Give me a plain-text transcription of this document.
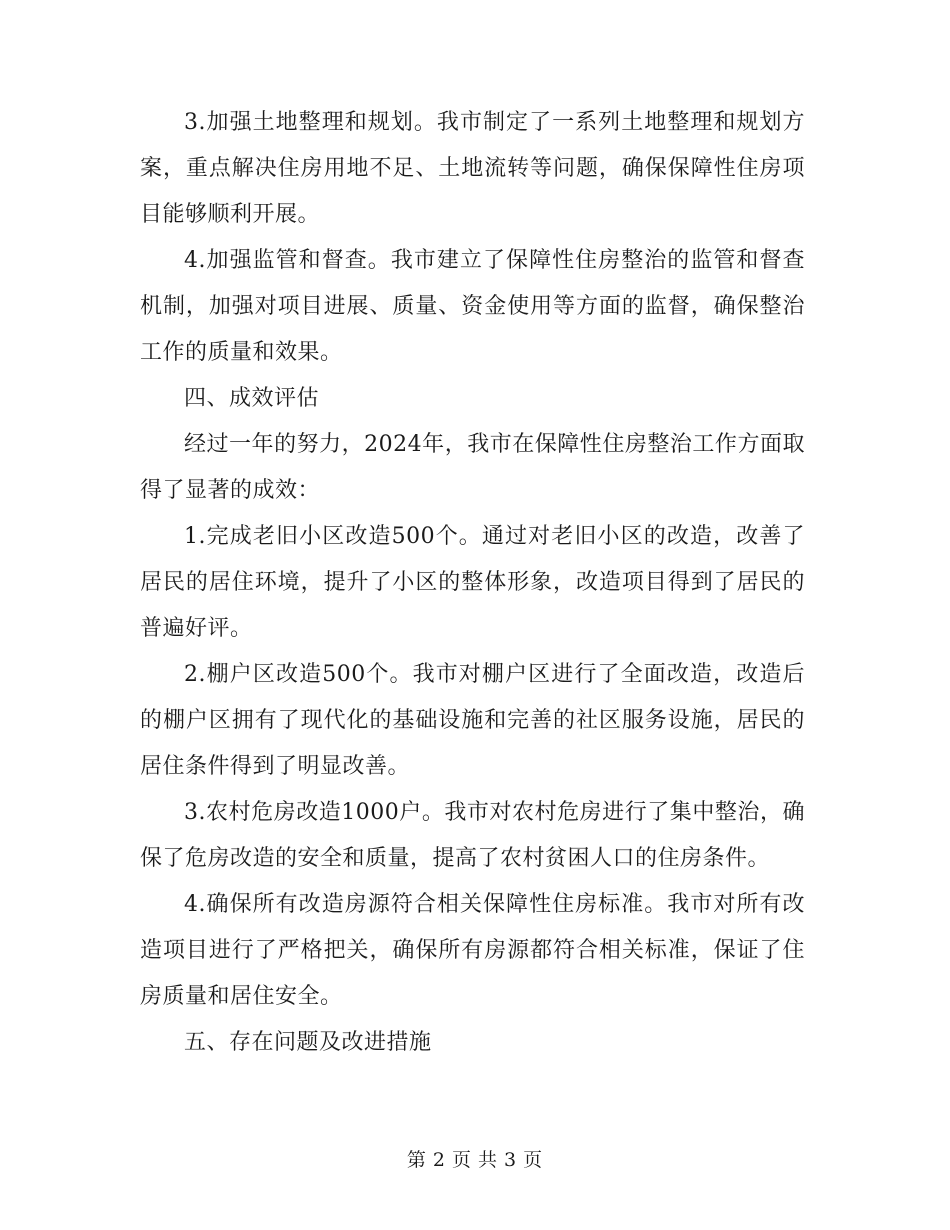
3.加强土地整理和规划。我市制定了一系列土地整理和规划方案，重点解决住房用地不足、土地流转等问题，确保保障性住房项目能够顺利开展。

4.加强监管和督查。我市建立了保障性住房整治的监管和督查机制，加强对项目进展、质量、资金使用等方面的监督，确保整治工作的质量和效果。

四、成效评估

经过一年的努力，2024年，我市在保障性住房整治工作方面取得了显著的成效：

1.完成老旧小区改造500个。通过对老旧小区的改造，改善了居民的居住环境，提升了小区的整体形象，改造项目得到了居民的普遍好评。

2.棚户区改造500个。我市对棚户区进行了全面改造，改造后的棚户区拥有了现代化的基础设施和完善的社区服务设施，居民的居住条件得到了明显改善。

3.农村危房改造1000户。我市对农村危房进行了集中整治，确保了危房改造的安全和质量，提高了农村贫困人口的住房条件。

4.确保所有改造房源符合相关保障性住房标准。我市对所有改造项目进行了严格把关，确保所有房源都符合相关标准，保证了住房质量和居住安全。

五、存在问题及改进措施

第 2 页 共 3 页
